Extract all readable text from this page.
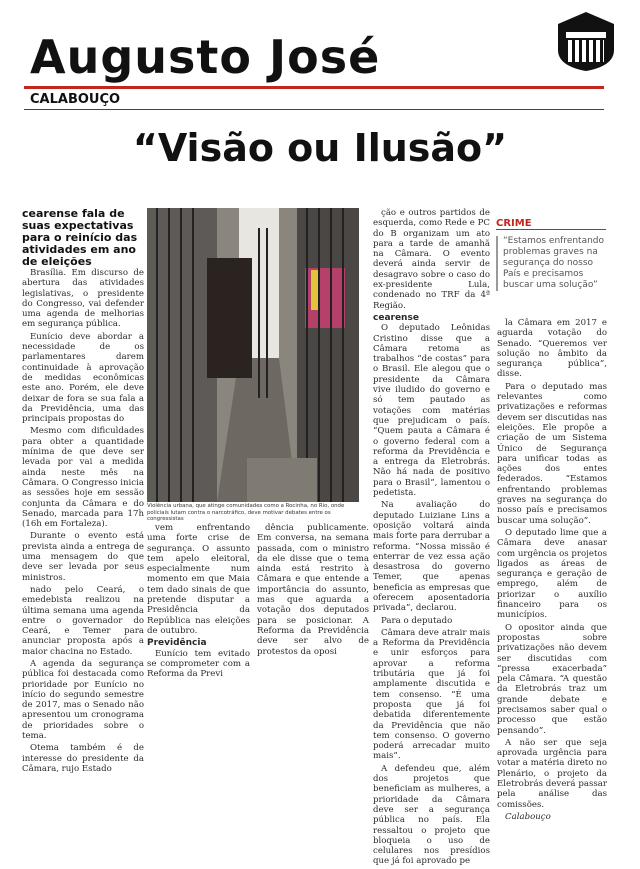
Augusto José
CALABOUÇO
“Visão ou Ilusão”
cearense fala de suas expectativas para o reinício das atividades em ano de eleições

Brasília. Em discurso de abertura das atividades legislativas, o presidente do Congresso, vai defender uma agenda de melhorias em segurança pública.

Eunício deve abordar a necessidade de os parlamentares darem continuidade à aprovação de medidas econômicas este ano. Porém, ele deve deixar de fora se sua fala a da Previdência, uma das principais propostas do

Mesmo com dificuldades para obter a quantidade mínima de que deve ser levada por vai a medida ainda neste mês na Câmara. O Congresso inicia as sessões hoje em sessão conjunta da Câmara e do Senado, marcada para 17h (16h em Fortaleza).

Durante o evento está prevista ainda a entrega de uma mensagem do que deve ser levada por seus ministros.

nado pelo Ceará, o emedebista realizou na última semana uma agenda entre o governador do Ceará, e Temer para anunciar proposta após a maior chacina no Estado.

A agenda da segurança pública foi destacada como prioridade por Eunício no início do segundo semestre de 2017, mas o Senado não apresentou um cronograma de prioridades sobre o tema.

Otema também é de interesse do presidente da Câmara, rujo Estado

Violência urbana, que atinge comunidades como a Rocinha, no Rio, onde policiais lutam contra o narcotráfico, deve motivar debates entre os congressistas

vem enfrentando uma forte crise de segurança. O assunto tem apelo eleitoral, especialmente num momento em que Maia tem dado sinais de que pretende disputar a Presidência da República nas eleições de outubro.

Previdência

Eunício tem evitado se comprometer com a Reforma da Previ

dência publicamente. Em conversa, na semana passada, com o ministro da ele disse que o tema ainda está restrito à Câmara e que entende a importância do assunto, mas que aguarda a votação dos deputados para se posicionar. A Reforma da Previdência deve ser alvo de protestos da oposi

ção e outros partidos de esquerda, como Rede e PC do B organizam um ato para a tarde de amanhã na Câmara. O evento deverá ainda servir de desagravo sobre o caso do ex-presidente Lula, condenado no TRF da 4ª Região.

cearense

O deputado Leônidas Cristino disse que a Câmara retoma as trabalhos “de costas” para o Brasil. Ele alegou que o presidente da Câmara vive iludido do governo e só tem pautado as votações com matérias que prejudicam o país. “Quem pauta a Câmara é o governo federal com a reforma da Previdência e a entrega da Eletrobrás. Não há nada de positivo para o Brasil”, lamentou o pedetista.

Na avaliação do deputado Luiziane Lins a oposição voltará ainda mais forte para derrubar a reforma. “Nossa missão é enterrar de vez essa ação desastrosa do governo Temer, que apenas beneficia as empresas que oferecem aposentadoria privada”, declarou.

Para o deputado

Câmara deve atrair mais a Reforma da Previdência e unir esforços para aprovar a reforma tributária que já foi amplamente discutida e tem consenso. “É uma proposta que já foi debatida diferentemente da Previdência que não tem consenso. O governo poderá arrecadar muito mais”.

A defendeu que, além dos projetos que beneficiam as mulheres, a prioridade da Câmara deve ser a segurança pública no país. Ela ressaltou o projeto que bloqueia o uso de celulares nos presídios que já foi aprovado pe

CRIME
“Estamos enfrentando problemas graves na segurança do nosso País e precisamos buscar uma solução”

la Câmara em 2017 e aguarda votação do Senado. “Queremos ver solução no âmbito da segurança pública”, disse.

Para o deputado mas relevantes como privatizações e reformas devem ser discutidas nas eleições. Ele propõe a criação de um Sistema Único de Segurança para unificar todas as ações dos entes federados. “Estamos enfrentando problemas graves na segurança do nosso país e precisamos buscar uma solução”.

O deputado lime que a Câmara deve anasar com urgência os projetos ligados as áreas de segurança e geração de emprego, além de priorizar o auxílio financeiro para os municípios.

O opositor ainda que propostas sobre privatizações não devem ser discutidas com “pressa exacerbada” pela Câmara. “A questão da Eletrobrás traz um grande debate e precisamos saber qual o processo que estão pensando”.

A não ser que seja aprovada urgência para votar a matéria direto no Plenário, o projeto da Eletrobrás deverá passar pela análise das comissões.

Calabouço
